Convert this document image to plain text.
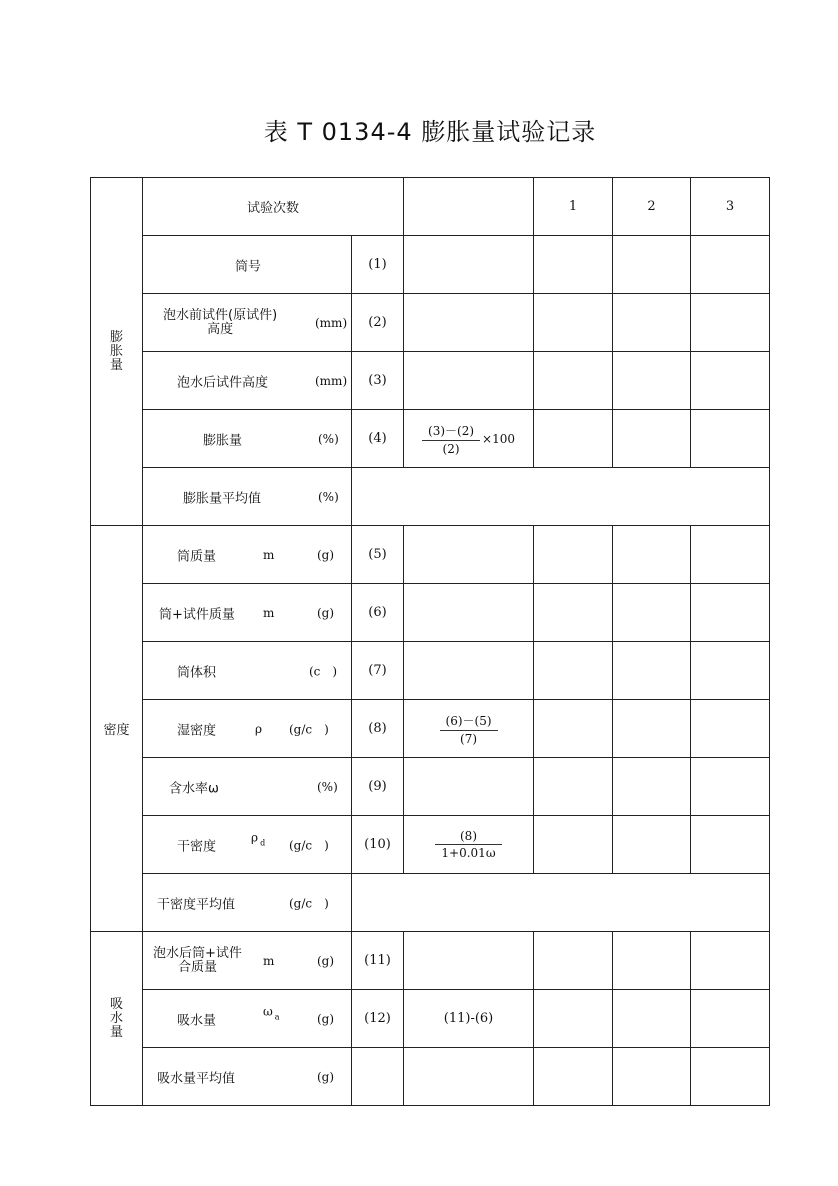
表 T 0134-4 膨胀量试验记录
膨
胀
量	试验次数			1	2	3

	筒号	(1)				

	泡水前试件(原试件)
高度 (mm)	(2)				

	泡水后试件高度 (mm)	(3)				

	膨胀量 (%)	(4)	$\frac{(3)-(2)}{(2)} \times 100$			

	膨胀量平均值 (%)					

密度	筒质量 m (g)	(5)				

	筒+试件质量 m (g)	(6)				

	筒体积 (c　)	(7)				

	湿密度 ρ (g/c　)	(8)	$\frac{(6)-(5)}{(7)}$

	含水率ω (%)	(9)				

	干密度
ρ $_d$ (g/c　)	(10)	$\frac{(8)}{1+0.01\omega}$

	干密度平均值 (g/c　)					

吸
水
量	泡水后筒+试件
合质量 m (g)	(11)				

	吸水量
ω $_a$ (g)	(12)	(11)-(6)			

	吸水量平均值 (g)					
